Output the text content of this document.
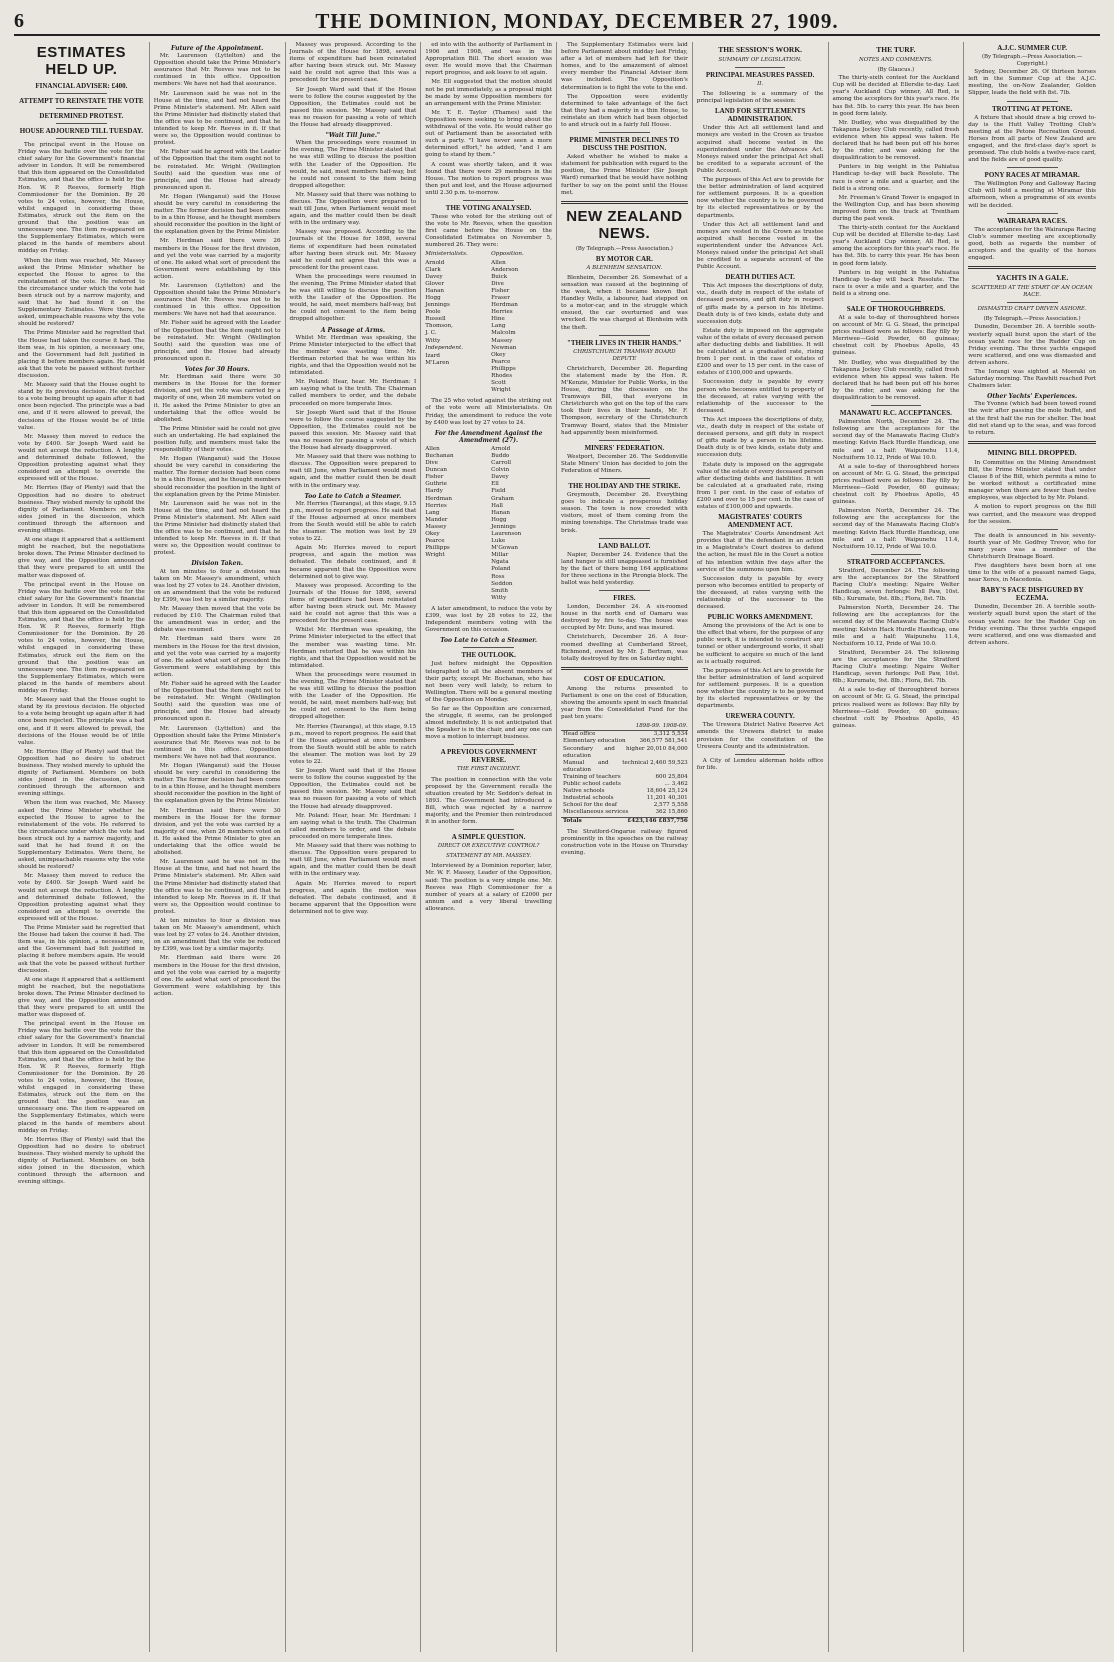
6	THE DOMINION, MONDAY, DECEMBER 27, 1909.
ESTIMATES HELD UP.
FINANCIAL ADVISER: £400.
ATTEMPT TO REINSTATE THE VOTE
DETERMINED PROTEST.
HOUSE ADJOURNED TILL TUESDAY.

The principal event in the House on Friday was the battle over the vote for the chief salary for the Government's financial adviser in London. It will be remembered that this item appeared on the Consolidated Estimates, and that the office is held by the Hon. W. P. Reeves, formerly High Commissioner for the Dominion. By 26 votes to 24 votes, however, the House, whilst engaged in considering these Estimates, struck out the item on the ground that the position was an unnecessary one. The item re-appeared on the Supplementary Estimates, which were placed in the hands of members about midday on Friday.

When the item was reached, Mr. Massey asked the Prime Minister whether he expected the House to agree to the reinstatement of the vote. He referred to the circumstance under which the vote had been struck out by a narrow majority, and said that he had found it on the Supplementary Estimates. Were there, he asked, unimpeachable reasons why the vote should be restored?

The Prime Minister said he regretted that the House had taken the course it had. The item was, in his opinion, a necessary one, and the Government had felt justified in placing it before members again. He would ask that the vote be passed without further discussion.

Mr. Massey said that the House ought to stand by its previous decision. He objected to a vote being brought up again after it had once been rejected. The principle was a bad one, and if it were allowed to prevail, the decisions of the House would be of little value.

Mr. Massey then moved to reduce the vote by £400. Sir Joseph Ward said he would not accept the reduction. A lengthy and determined debate followed, the Opposition protesting against what they considered an attempt to override the expressed will of the House.

Mr. Herries (Bay of Plenty) said that the Opposition had no desire to obstruct business. They wished merely to uphold the dignity of Parliament. Members on both sides joined in the discussion, which continued through the afternoon and evening sittings.

At one stage it appeared that a settlement might be reached, but the negotiations broke down. The Prime Minister declined to give way, and the Opposition announced that they were prepared to sit until the matter was disposed of.

The principal event in the House on Friday was the battle over the vote for the chief salary for the Government's financial adviser in London. It will be remembered that this item appeared on the Consolidated Estimates, and that the office is held by the Hon. W. P. Reeves, formerly High Commissioner for the Dominion. By 26 votes to 24 votes, however, the House, whilst engaged in considering these Estimates, struck out the item on the ground that the position was an unnecessary one. The item re-appeared on the Supplementary Estimates, which were placed in the hands of members about midday on Friday.

Mr. Massey said that the House ought to stand by its previous decision. He objected to a vote being brought up again after it had once been rejected. The principle was a bad one, and if it were allowed to prevail, the decisions of the House would be of little value.

Mr. Herries (Bay of Plenty) said that the Opposition had no desire to obstruct business. They wished merely to uphold the dignity of Parliament. Members on both sides joined in the discussion, which continued through the afternoon and evening sittings.

When the item was reached, Mr. Massey asked the Prime Minister whether he expected the House to agree to the reinstatement of the vote. He referred to the circumstance under which the vote had been struck out by a narrow majority, and said that he had found it on the Supplementary Estimates. Were there, he asked, unimpeachable reasons why the vote should be restored?

Mr. Massey then moved to reduce the vote by £400. Sir Joseph Ward said he would not accept the reduction. A lengthy and determined debate followed, the Opposition protesting against what they considered an attempt to override the expressed will of the House.

The Prime Minister said he regretted that the House had taken the course it had. The item was, in his opinion, a necessary one, and the Government had felt justified in placing it before members again. He would ask that the vote be passed without further discussion.

At one stage it appeared that a settlement might be reached, but the negotiations broke down. The Prime Minister declined to give way, and the Opposition announced that they were prepared to sit until the matter was disposed of.

The principal event in the House on Friday was the battle over the vote for the chief salary for the Government's financial adviser in London. It will be remembered that this item appeared on the Consolidated Estimates, and that the office is held by the Hon. W. P. Reeves, formerly High Commissioner for the Dominion. By 26 votes to 24 votes, however, the House, whilst engaged in considering these Estimates, struck out the item on the ground that the position was an unnecessary one. The item re-appeared on the Supplementary Estimates, which were placed in the hands of members about midday on Friday.

Mr. Herries (Bay of Plenty) said that the Opposition had no desire to obstruct business. They wished merely to uphold the dignity of Parliament. Members on both sides joined in the discussion, which continued through the afternoon and evening sittings.

Future of the Appointment.

Mr. Laurenson (Lyttelton) and the Opposition should take the Prime Minister's assurance that Mr. Reeves was not to be continued in this office. Opposition members: We have not had that assurance.

Mr. Laurenson said he was not in the House at the time, and had not heard the Prime Minister's statement. Mr. Allen said the Prime Minister had distinctly stated that the office was to be continued, and that he intended to keep Mr. Reeves in it. If that were so, the Opposition would continue to protest.

Mr. Fisher said he agreed with the Leader of the Opposition that the item ought not to be reinstated. Mr. Wright (Wellington South) said the question was one of principle, and the House had already pronounced upon it.

Mr. Hogan (Wanganui) said the House should be very careful in considering the matter. The former decision had been come to in a thin House, and he thought members should reconsider the position in the light of the explanation given by the Prime Minister.

Mr. Herdman said there were 26 members in the House for the first division, and yet the vote was carried by a majority of one. He asked what sort of precedent the Government were establishing by this action.

Mr. Laurenson (Lyttelton) and the Opposition should take the Prime Minister's assurance that Mr. Reeves was not to be continued in this office. Opposition members: We have not had that assurance.

Mr. Fisher said he agreed with the Leader of the Opposition that the item ought not to be reinstated. Mr. Wright (Wellington South) said the question was one of principle, and the House had already pronounced upon it.

Votes for 30 Hours.

Mr. Herdman said there were 30 members in the House for the former division, and yet the vote was carried by a majority of one, when 26 members voted on it. He asked the Prime Minister to give an undertaking that the office would be abolished.

The Prime Minister said he could not give such an undertaking. He had explained the position fully, and members must take the responsibility of their votes.

Mr. Hogan (Wanganui) said the House should be very careful in considering the matter. The former decision had been come to in a thin House, and he thought members should reconsider the position in the light of the explanation given by the Prime Minister.

Mr. Laurenson said he was not in the House at the time, and had not heard the Prime Minister's statement. Mr. Allen said the Prime Minister had distinctly stated that the office was to be continued, and that he intended to keep Mr. Reeves in it. If that were so, the Opposition would continue to protest.

Division Taken.

At ten minutes to four a division was taken on Mr. Massey's amendment, which was lost by 27 votes to 24. Another division, on an amendment that the vote be reduced by £399, was lost by a similar majority.

Mr. Massey then moved that the vote be reduced by £10. The Chairman ruled that the amendment was in order, and the debate was resumed.

Mr. Herdman said there were 26 members in the House for the first division, and yet the vote was carried by a majority of one. He asked what sort of precedent the Government were establishing by this action.

Mr. Fisher said he agreed with the Leader of the Opposition that the item ought not to be reinstated. Mr. Wright (Wellington South) said the question was one of principle, and the House had already pronounced upon it.

Mr. Laurenson (Lyttelton) and the Opposition should take the Prime Minister's assurance that Mr. Reeves was not to be continued in this office. Opposition members: We have not had that assurance.

Mr. Hogan (Wanganui) said the House should be very careful in considering the matter. The former decision had been come to in a thin House, and he thought members should reconsider the position in the light of the explanation given by the Prime Minister.

Mr. Herdman said there were 30 members in the House for the former division, and yet the vote was carried by a majority of one, when 26 members voted on it. He asked the Prime Minister to give an undertaking that the office would be abolished.

Mr. Laurenson said he was not in the House at the time, and had not heard the Prime Minister's statement. Mr. Allen said the Prime Minister had distinctly stated that the office was to be continued, and that he intended to keep Mr. Reeves in it. If that were so, the Opposition would continue to protest.

At ten minutes to four a division was taken on Mr. Massey's amendment, which was lost by 27 votes to 24. Another division, on an amendment that the vote be reduced by £399, was lost by a similar majority.

Mr. Herdman said there were 26 members in the House for the first division, and yet the vote was carried by a majority of one. He asked what sort of precedent the Government were establishing by this action.

Massey was proposed. According to the Journals of the House for 1898, several items of expenditure had been reinstated after having been struck out. Mr. Massey said he could not agree that this was a precedent for the present case.

Sir Joseph Ward said that if the House were to follow the course suggested by the Opposition, the Estimates could not be passed this session. Mr. Massey said that was no reason for passing a vote of which the House had already disapproved.

"Wait Till June."

When the proceedings were resumed in the evening, The Prime Minister stated that he was still willing to discuss the position with the Leader of the Opposition. He would, he said, meet members half-way, but he could not consent to the item being dropped altogether.

Mr. Massey said that there was nothing to discuss. The Opposition were prepared to wait till June, when Parliament would meet again, and the matter could then be dealt with in the ordinary way.

Massey was proposed. According to the Journals of the House for 1898, several items of expenditure had been reinstated after having been struck out. Mr. Massey said he could not agree that this was a precedent for the present case.

When the proceedings were resumed in the evening, The Prime Minister stated that he was still willing to discuss the position with the Leader of the Opposition. He would, he said, meet members half-way, but he could not consent to the item being dropped altogether.

A Passage at Arms.

Whilst Mr. Herdman was speaking, the Prime Minister interjected to the effect that the member was wasting time. Mr. Herdman retorted that he was within his rights, and that the Opposition would not be intimidated.

Mr. Poland: Hear, hear. Mr. Herdman: I am saying what is the truth. The Chairman called members to order, and the debate proceeded on more temperate lines.

Sir Joseph Ward said that if the House were to follow the course suggested by the Opposition, the Estimates could not be passed this session. Mr. Massey said that was no reason for passing a vote of which the House had already disapproved.

Mr. Massey said that there was nothing to discuss. The Opposition were prepared to wait till June, when Parliament would meet again, and the matter could then be dealt with in the ordinary way.

Too Late to Catch a Steamer.

Mr. Herries (Tauranga), at this stage, 9.15 p.m., moved to report progress. He said that if the House adjourned at once members from the South would still be able to catch the steamer. The motion was lost by 29 votes to 22.

Again Mr. Herries moved to report progress, and again the motion was defeated. The debate continued, and it became apparent that the Opposition were determined not to give way.

Massey was proposed. According to the Journals of the House for 1898, several items of expenditure had been reinstated after having been struck out. Mr. Massey said he could not agree that this was a precedent for the present case.

Whilst Mr. Herdman was speaking, the Prime Minister interjected to the effect that the member was wasting time. Mr. Herdman retorted that he was within his rights, and that the Opposition would not be intimidated.

When the proceedings were resumed in the evening, The Prime Minister stated that he was still willing to discuss the position with the Leader of the Opposition. He would, he said, meet members half-way, but he could not consent to the item being dropped altogether.

Mr. Herries (Tauranga), at this stage, 9.15 p.m., moved to report progress. He said that if the House adjourned at once members from the South would still be able to catch the steamer. The motion was lost by 29 votes to 22.

Sir Joseph Ward said that if the House were to follow the course suggested by the Opposition, the Estimates could not be passed this session. Mr. Massey said that was no reason for passing a vote of which the House had already disapproved.

Mr. Poland: Hear, hear. Mr. Herdman: I am saying what is the truth. The Chairman called members to order, and the debate proceeded on more temperate lines.

Mr. Massey said that there was nothing to discuss. The Opposition were prepared to wait till June, when Parliament would meet again, and the matter could then be dealt with in the ordinary way.

Again Mr. Herries moved to report progress, and again the motion was defeated. The debate continued, and it became apparent that the Opposition were determined not to give way.

ed into with the authority of Parliament in 1906 and 1908, and was in the Appropriation Bill. The short session was over. He would move that the Chairman report progress, and ask leave to sit again.

Mr. Ell suggested that the motion should not be put immediately, as a proposal might be made by some Opposition members for an arrangement with the Prime Minister.

Mr. T. E. Taylor (Thames) said the Opposition were seeking to bring about the withdrawal of the vote. He would rather go out of Parliament than be associated with such a party. "I have never seen a more determined effort," he added, "and I am going to stand by them."

A count was shortly taken, and it was found that there were 29 members in the House. The motion to report progress was then put and lost, and the House adjourned until 2.30 p.m. to-morrow.

THE VOTING ANALYSED.

These who voted for the striking out of the vote to Mr. Reeves, when the question first came before the House on the Consolidated Estimates on November 5, numbered 26. They were:

Ministerialists.
Arnold
Clark
Davey
Glover
Hanan
Hogg
Jennings
Poole
Russell
Thomson, J. C.
Witty
Independent.
Izard
M'Laren
Opposition.
Allen
Anderson
Buick
Dive
Fisher
Fraser
Herdman
Herries
Hine
Lang
Malcolm
Massey
Newman
Okey
Pearce
Phillipps
Rhodes
Scott
Wright

The 25 who voted against the striking out of the vote were all Ministerialists. On Friday, the amendment to reduce the vote by £400 was lost by 27 votes to 24.

For the Amendment Against the Amendment (27).
Allen
Buchanan
Dive
Duncan
Fisher
Guthrie
Hardy
Herdman
Herries
Lang
Mander
Massey
Okey
Pearce
Phillipps
Wright
Arnold
Buddo
Carroll
Colvin
Davey
Ell
Field
Graham
Hall
Hanan
Hogg
Jennings
Laurenson
Luke
M'Gowan
Millar
Ngata
Poland
Ross
Seddon
Smith
Witty

A later amendment, to reduce the vote by £399, was lost by 28 votes to 22, the Independent members voting with the Government on this occasion.

Too Late to Catch a Steamer.
THE OUTLOOK.

Just before midnight the Opposition telegraphed to all the absent members of their party, except Mr. Buchanan, who has not been very well lately, to return to Wellington. There will be a general meeting of the Opposition on Monday.

So far as the Opposition are concerned, the struggle, it seems, can be prolonged almost indefinitely. It is not anticipated that the Speaker is in the chair, and any one can move a motion to interrupt business.

A PREVIOUS GOVERNMENT REVERSE.
THE FIRST INCIDENT.

The position in connection with the vote proposed by the Government recalls the situation created by Mr. Seddon's defeat in 1893. The Government had introduced a Bill, which was rejected by a narrow majority, and the Premier then reintroduced it in another form.

A SIMPLE QUESTION.
DIRECT OR EXECUTIVE CONTROL?
STATEMENT BY MR. MASSEY.

Interviewed by a Dominion reporter, later, Mr. W. F. Massey, Leader of the Opposition, said: The position is a very simple one. Mr. Reeves was High Commissioner for a number of years at a salary of £2000 per annum and a very liberal travelling allowance.

The Supplementary Estimates were laid before Parliament about midday last Friday, after a lot of members had left for their homes, and to the amazement of almost every member the Financial Adviser item was included. The Opposition's determination is to fight the vote to the end.

The Opposition were evidently determined to take advantage of the fact that they had a majority in a thin House, to reinstate an item which had been objected to and struck out in a fairly full House.

PRIME MINISTER DECLINES TO DISCUSS THE POSITION.

Asked whether he wished to make a statement for publication with regard to the position, the Prime Minister (Sir Joseph Ward) remarked that he would have nothing further to say on the point until the House met.

NEW ZEALAND NEWS.
(By Telegraph.—Press Association.)
BY MOTOR CAR.
A BLENHEIM SENSATION.

Blenheim, December 26. Somewhat of a sensation was caused at the beginning of the week, when it became known that Handley Wells, a labourer, had stepped on to a motor-car, and in the struggle which ensued, the car overturned and was wrecked. He was charged at Blenheim with the theft.

"THEIR LIVES IN THEIR HANDS."
CHRISTCHURCH TRAMWAY BOARD DEPUTE

Christchurch, December 26. Regarding the statement made by the Hon. R. M'Kenzie, Minister for Public Works, in the House, during the discussion on the Tramways Bill, that everyone in Christchurch who got on the top of the cars took their lives in their hands, Mr. F. Thompson, secretary of the Christchurch Tramway Board, states that the Minister had apparently been misinformed.

MINERS' FEDERATION.

Westport, December 26. The Seddonville State Miners' Union has decided to join the Federation of Miners.

THE HOLIDAY AND THE STRIKE.

Greymouth, December 26. Everything goes to indicate a prosperous holiday season. The town is now crowded with visitors, most of them coming from the mining townships. The Christmas trade was brisk.

LAND BALLOT.

Napier, December 24. Evidence that the land hunger is still unappeased is furnished by the fact of there being 164 applications for three sections in the Pirongia block. The ballot was held yesterday.

FIRES.

London, December 24. A six-roomed house in the north end of Oamaru was destroyed by fire to-day. The house was occupied by Mr. Duns, and was insured.

Christchurch, December 26. A four-roomed dwelling at Cumberland Street, Richmond, owned by Mr. J. Bertram, was totally destroyed by fire on Saturday night.

COST OF EDUCATION.

Among the returns presented to Parliament is one on the cost of Education, showing the amounts spent in each financial year from the Consolidated Fund for the past ten years:

1898-99. 1908-09.
Head office	3,312 5,534
Elementary education	366,577 581,541
Secondary and higher education
20,010 84,000
Manual and technical education
2,460 59,523
Training of teachers	600 25,804
Public school cadets	... 3,462
Native schools	18,604 25,124
Industrial schools	11,201 40,301
School for the deaf	2,577 5,558
Miscellaneous services	362 15,860
Totals	£423,146 £837,756

The Stratford-Ongarue railway figured prominently in the speeches on the railway construction vote in the House on Thursday evening.

THE SESSION'S WORK.
SUMMARY OF LEGISLATION.
PRINCIPAL MEASURES PASSED.
II.

The following is a summary of the principal legislation of the session:

LAND FOR SETTLEMENTS ADMINISTRATION.

Under this Act all settlement land and moneys are vested in the Crown as trustee acquired shall become vested in the superintendent under the Advances Act. Moneys raised under the principal Act shall be credited to a separate account of the Public Account.

The purposes of this Act are to provide for the better administration of land acquired for settlement purposes. It is a question now whether the country is to be governed by its elected representatives or by the departments.

Under this Act all settlement land and moneys are vested in the Crown as trustee acquired shall become vested in the superintendent under the Advances Act. Moneys raised under the principal Act shall be credited to a separate account of the Public Account.

DEATH DUTIES ACT.

This Act imposes the descriptions of duty, viz., death duty in respect of the estate of deceased persons, and gift duty in respect of gifts made by a person in his lifetime. Death duty is of two kinds, estate duty and succession duty.

Estate duty is imposed on the aggregate value of the estate of every deceased person after deducting debts and liabilities. It will be calculated at a graduated rate, rising from 1 per cent. in the case of estates of £200 and over to 15 per cent. in the case of estates of £100,000 and upwards.

Succession duty is payable by every person who becomes entitled to property of the deceased, at rates varying with the relationship of the successor to the deceased.

This Act imposes the descriptions of duty, viz., death duty in respect of the estate of deceased persons, and gift duty in respect of gifts made by a person in his lifetime. Death duty is of two kinds, estate duty and succession duty.

Estate duty is imposed on the aggregate value of the estate of every deceased person after deducting debts and liabilities. It will be calculated at a graduated rate, rising from 1 per cent. in the case of estates of £200 and over to 15 per cent. in the case of estates of £100,000 and upwards.

MAGISTRATES' COURTS AMENDMENT ACT.

The Magistrates' Courts Amendment Act provides that if the defendant in an action in a Magistrate's Court desires to defend the action, he must file in the Court a notice of his intention within five days after the service of the summons upon him.

Succession duty is payable by every person who becomes entitled to property of the deceased, at rates varying with the relationship of the successor to the deceased.

PUBLIC WORKS AMENDMENT.

Among the provisions of the Act is one to the effect that where, for the purpose of any public work, it is intended to construct any tunnel or other underground works, it shall be sufficient to acquire so much of the land as is actually required.

The purposes of this Act are to provide for the better administration of land acquired for settlement purposes. It is a question now whether the country is to be governed by its elected representatives or by the departments.

UREWERA COUNTY.

The Urewera District Native Reserve Act amends the Urewera district to make provision for the constitution of the Urewera County and its administration.

A City of Lemdeu alderman holds office for life.

THE TURF.
NOTES AND COMMENTS.
(By Glaucus.)

The thirty-sixth contest for the Auckland Cup will be decided at Ellerslie to-day. Last year's Auckland Cup winner, All Red, is among the acceptors for this year's race. He has 8st. 5lb. to carry this year. He has been in good form lately.

Mr. Dudley, who was disqualified by the Takapuna Jockey Club recently, called fresh evidence when his appeal was taken. He declared that he had been put off his horse by the rider, and was asking for the disqualification to be removed.

Punters in big weight in the Pahiatua Handicap to-day will back Resolute. The race is over a mile and a quarter, and the field is a strong one.

Mr. Freeman's Grand Tower is engaged in the Wellington Cup, and has been showing improved form on the track at Trentham during the past week.

The thirty-sixth contest for the Auckland Cup will be decided at Ellerslie to-day. Last year's Auckland Cup winner, All Red, is among the acceptors for this year's race. He has 8st. 5lb. to carry this year. He has been in good form lately.

Punters in big weight in the Pahiatua Handicap to-day will back Resolute. The race is over a mile and a quarter, and the field is a strong one.

SALE OF THOROUGHBREDS.

At a sale to-day of thoroughbred horses on account of Mr. G. G. Stead, the principal prices realised were as follows: Bay filly by Merriwee—Gold Powder, 60 guineas; chestnut colt by Phoebus Apollo, 45 guineas.

Mr. Dudley, who was disqualified by the Takapuna Jockey Club recently, called fresh evidence when his appeal was taken. He declared that he had been put off his horse by the rider, and was asking for the disqualification to be removed.

MANAWATU R.C. ACCEPTANCES.

Palmerston North, December 24. The following are the acceptances for the second day of the Manawatu Racing Club's meeting: Kelvin Hack Hurdle Handicap, one mile and a half: Waipunehu 11.4, Noctuiform 10.12, Pride of Wai 10.0.

At a sale to-day of thoroughbred horses on account of Mr. G. G. Stead, the principal prices realised were as follows: Bay filly by Merriwee—Gold Powder, 60 guineas; chestnut colt by Phoebus Apollo, 45 guineas.

Palmerston North, December 24. The following are the acceptances for the second day of the Manawatu Racing Club's meeting: Kelvin Hack Hurdle Handicap, one mile and a half: Waipunehu 11.4, Noctuiform 10.12, Pride of Wai 10.0.

STRATFORD ACCEPTANCES.

Stratford, December 24. The following are the acceptances for the Stratford Racing Club's meeting: Ngaire Welter Handicap, seven furlongs: Poll Paw, 10st. 6lb.; Kurumate, 9st. 8lb.; Flora, 8st. 7lb.

Palmerston North, December 24. The following are the acceptances for the second day of the Manawatu Racing Club's meeting: Kelvin Hack Hurdle Handicap, one mile and a half: Waipunehu 11.4, Noctuiform 10.12, Pride of Wai 10.0.

Stratford, December 24. The following are the acceptances for the Stratford Racing Club's meeting: Ngaire Welter Handicap, seven furlongs: Poll Paw, 10st. 6lb.; Kurumate, 9st. 8lb.; Flora, 8st. 7lb.

At a sale to-day of thoroughbred horses on account of Mr. G. G. Stead, the principal prices realised were as follows: Bay filly by Merriwee—Gold Powder, 60 guineas; chestnut colt by Phoebus Apollo, 45 guineas.

A.J.C. SUMMER CUP.
(By Telegraph.—Press Association.—Copyright.)

Sydney, December 26. Of thirteen horses left in the Summer Cup at the A.J.C. meeting, the on-Now Zealander, Golden Slipper, leads the field with 8st. 7lb.

TROTTING AT PETONE.

A fixture that should draw a big crowd to-day is the Hutt Valley Trotting Club's meeting at the Petone Recreation Ground. Horses from all parts of New Zealand are engaged, and the first-class day's sport is promised. The club holds a twelve-race card, and the fields are of good quality.

PONY RACES AT MIRAMAR.

The Wellington Pony and Galloway Racing Club will hold a meeting at Miramar this afternoon, when a programme of six events will be decided.

WAIRARAPA RACES.

The acceptances for the Wairarapa Racing Club's summer meeting are exceptionally good, both as regards the number of acceptors and the quality of the horses engaged.

YACHTS IN A GALE.
SCATTERED AT THE START OF AN OCEAN RACE.
DISMASTED CRAFT DRIVEN ASHORE.
(By Telegraph.—Press Association.)

Dunedin, December 26. A terrible south-westerly squall burst upon the start of the ocean yacht race for the Rudder Cup on Friday evening. The three yachts engaged were scattered, and one was dismasted and driven ashore.

The Iorangi was sighted at Moeraki on Saturday morning. The Rawhiti reached Port Chalmers later.

Other Yachts' Experiences.

The Yvonne (which had been towed round the weir after passing the mole buffet, and at the first half the run for shelter. The boat did not stand up to the seas, and was forced to return.

MINING BILL DROPPED.

In Committee on the Mining Amendment Bill, the Prime Minister stated that under Clause 8 of the Bill, which permits a mine to be worked without a certificated mine manager when there are fewer than twelve employees, was objected to by Mr. Poland.

A motion to report progress on the Bill was carried, and the measure was dropped for the session.

The death is announced in his seventy-fourth year of Mr. Godfrey Trevor, who for many years was a member of the Christchurch Drainage Board.

Five daughters have been born at one time to the wife of a peasant named Gaga, near Xeres, in Macedonia.

BABY'S FACE DISFIGURED BY ECZEMA.

Dunedin, December 26. A terrible south-westerly squall burst upon the start of the ocean yacht race for the Rudder Cup on Friday evening. The three yachts engaged were scattered, and one was dismasted and driven ashore.
